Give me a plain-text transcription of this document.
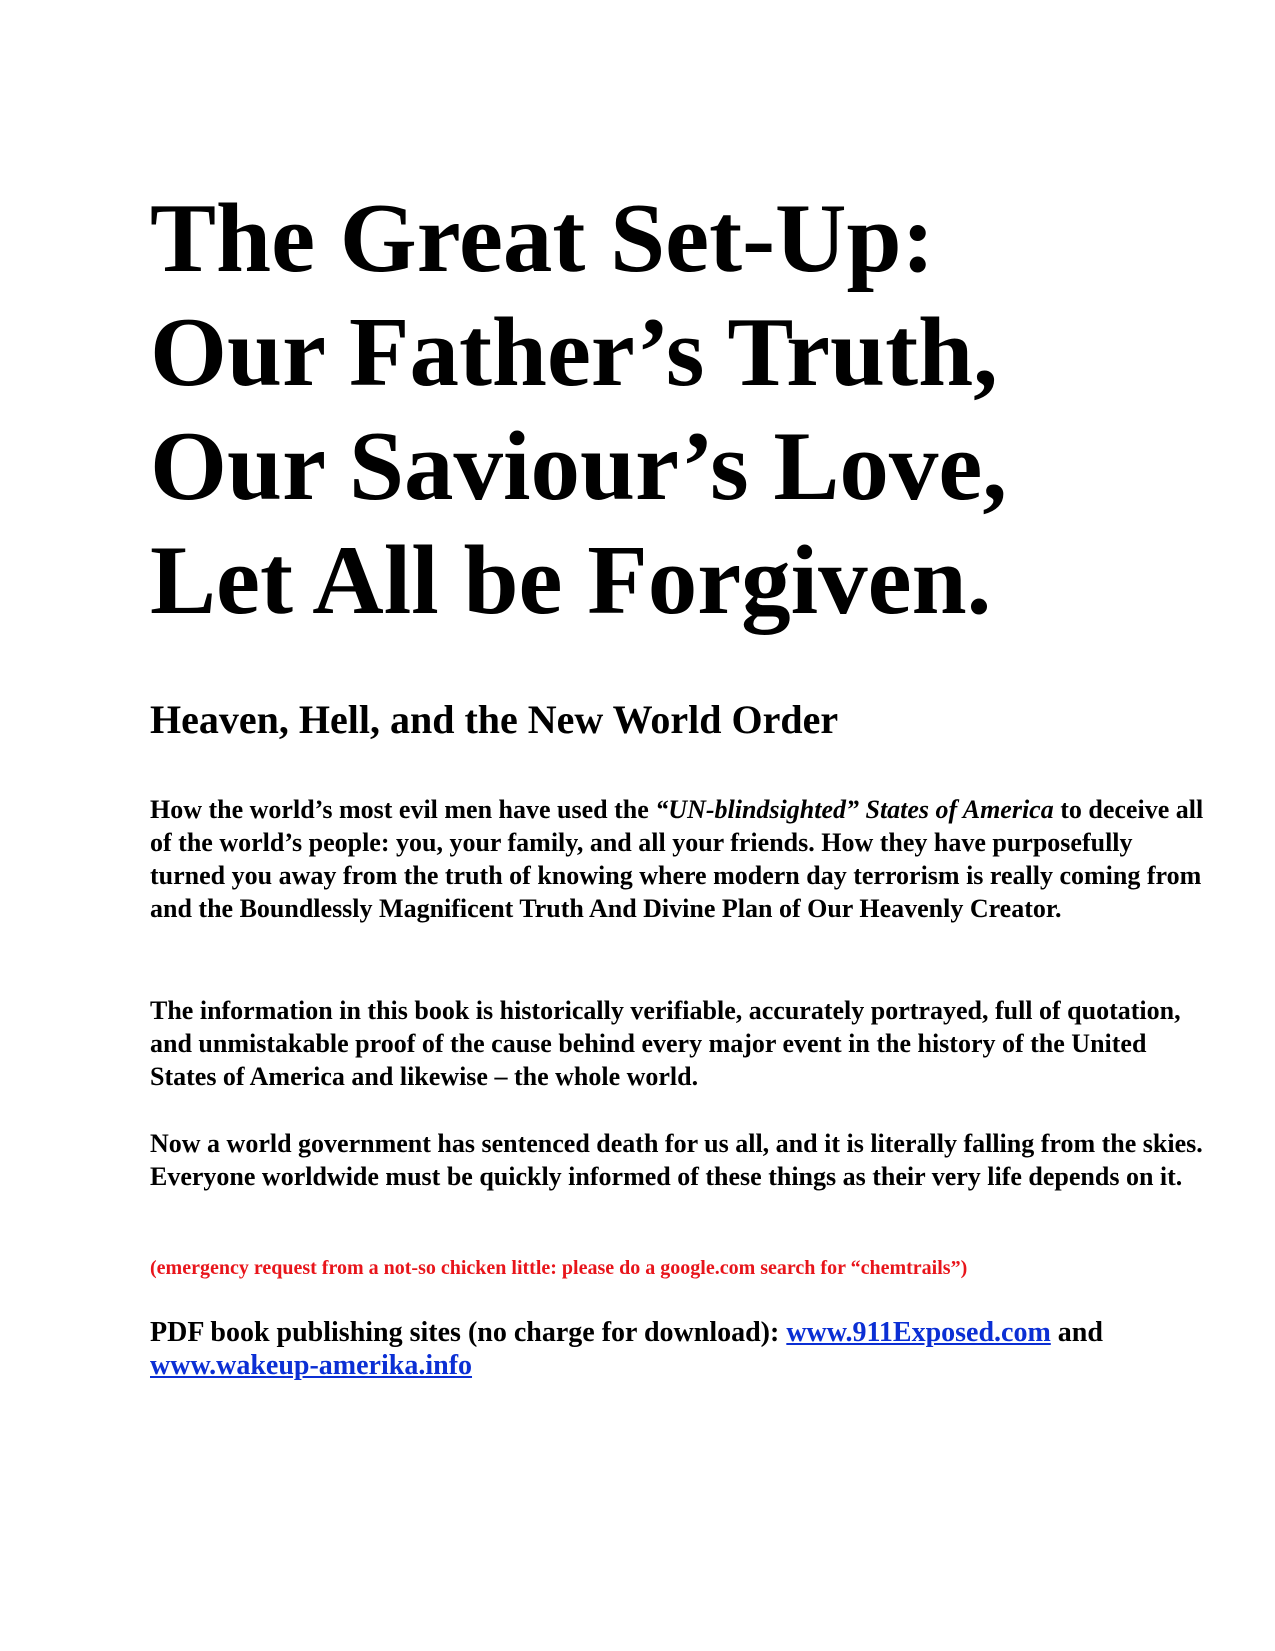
The Great Set-Up:
Our Father’s Truth,
Our Saviour’s Love,
Let All be Forgiven.
Heaven, Hell, and the New World Order

How the world’s most evil men have used the “UN-blindsighted” States of America to deceive all of the world’s people: you, your family, and all your friends. How they have purposefully turned you away from the truth of knowing where modern day terrorism is really coming from and the Boundlessly Magnificent Truth And Divine Plan of Our Heavenly Creator.

The information in this book is historically verifiable, accurately portrayed, full of quotation, and unmistakable proof of the cause behind every major event in the history of the United States of America and likewise – the whole world.

Now a world government has sentenced death for us all, and it is literally falling from the skies. Everyone worldwide must be quickly informed of these things as their very life depends on it.

(emergency request from a not-so chicken little: please do a google.com search for “chemtrails”)

PDF book publishing sites (no charge for download): www.911Exposed.com and
www.wakeup-amerika.info
